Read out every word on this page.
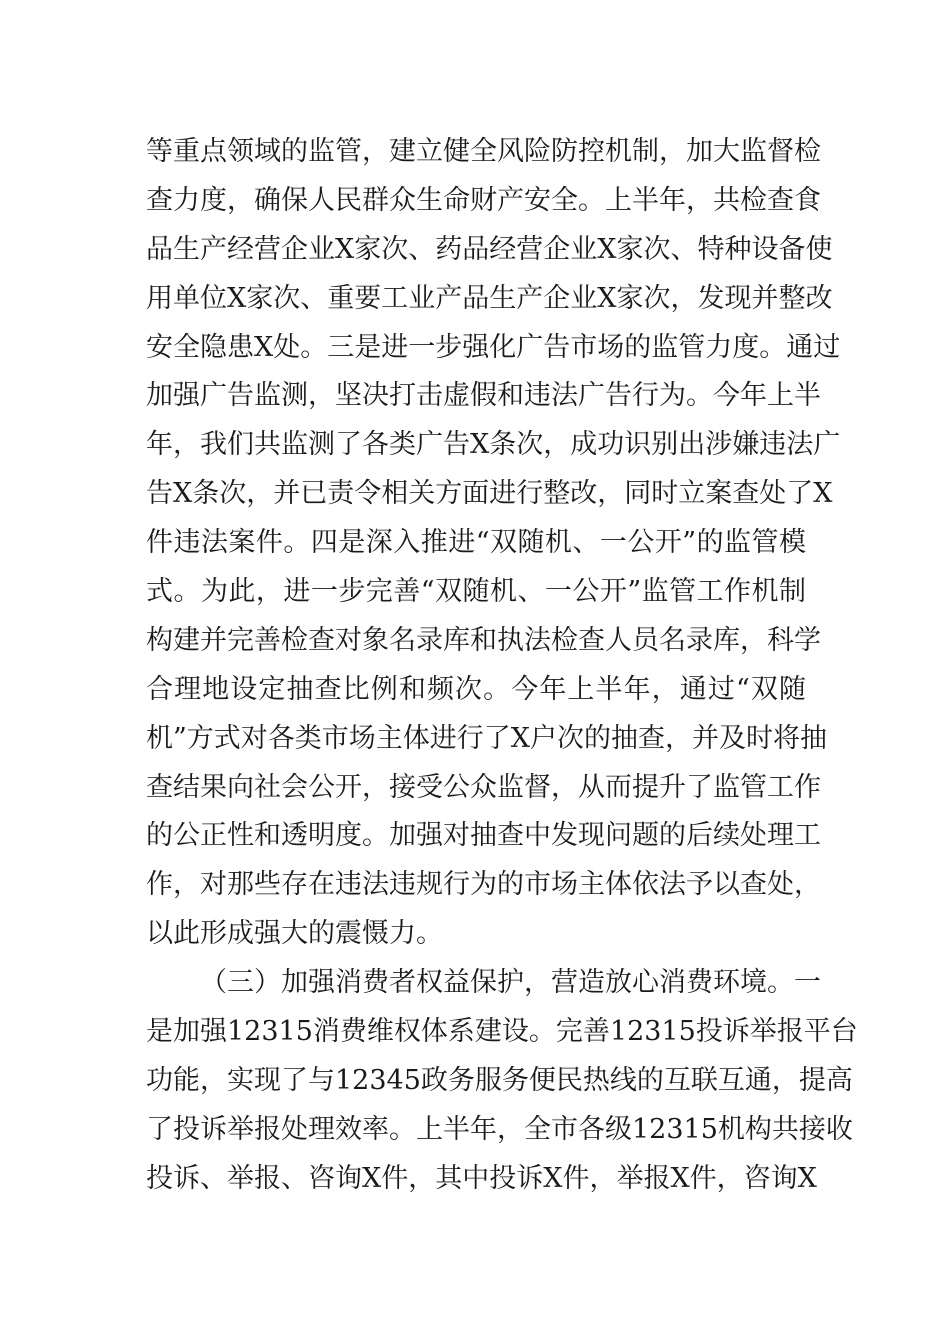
等重点领域的监管，建立健全风险防控机制，加大监督检
查力度，确保人民群众生命财产安全。上半年，共检查食
品生产经营企业X家次、药品经营企业X家次、特种设备使
用单位X家次、重要工业产品生产企业X家次，发现并整改
安全隐患X处。三是进一步强化广告市场的监管力度。通过
加强广告监测，坚决打击虚假和违法广告行为。今年上半
年，我们共监测了各类广告X条次，成功识别出涉嫌违法广
告X条次，并已责令相关方面进行整改，同时立案查处了X
件违法案件。四是深入推进“双随机、一公开”的监管模
式。为此，进一步完善“双随机、一公开”监管工作机制
构建并完善检查对象名录库和执法检查人员名录库，科学
合理地设定抽查比例和频次。今年上半年，通过“双随
机”方式对各类市场主体进行了X户次的抽查，并及时将抽
查结果向社会公开，接受公众监督，从而提升了监管工作
的公正性和透明度。加强对抽查中发现问题的后续处理工
作，对那些存在违法违规行为的市场主体依法予以查处，
以此形成强大的震慑力。
（三）加强消费者权益保护，营造放心消费环境。一
是加强12315消费维权体系建设。完善12315投诉举报平台
功能，实现了与12345政务服务便民热线的互联互通，提高
了投诉举报处理效率。上半年，全市各级12315机构共接收
投诉、举报、咨询X件，其中投诉X件，举报X件，咨询X
